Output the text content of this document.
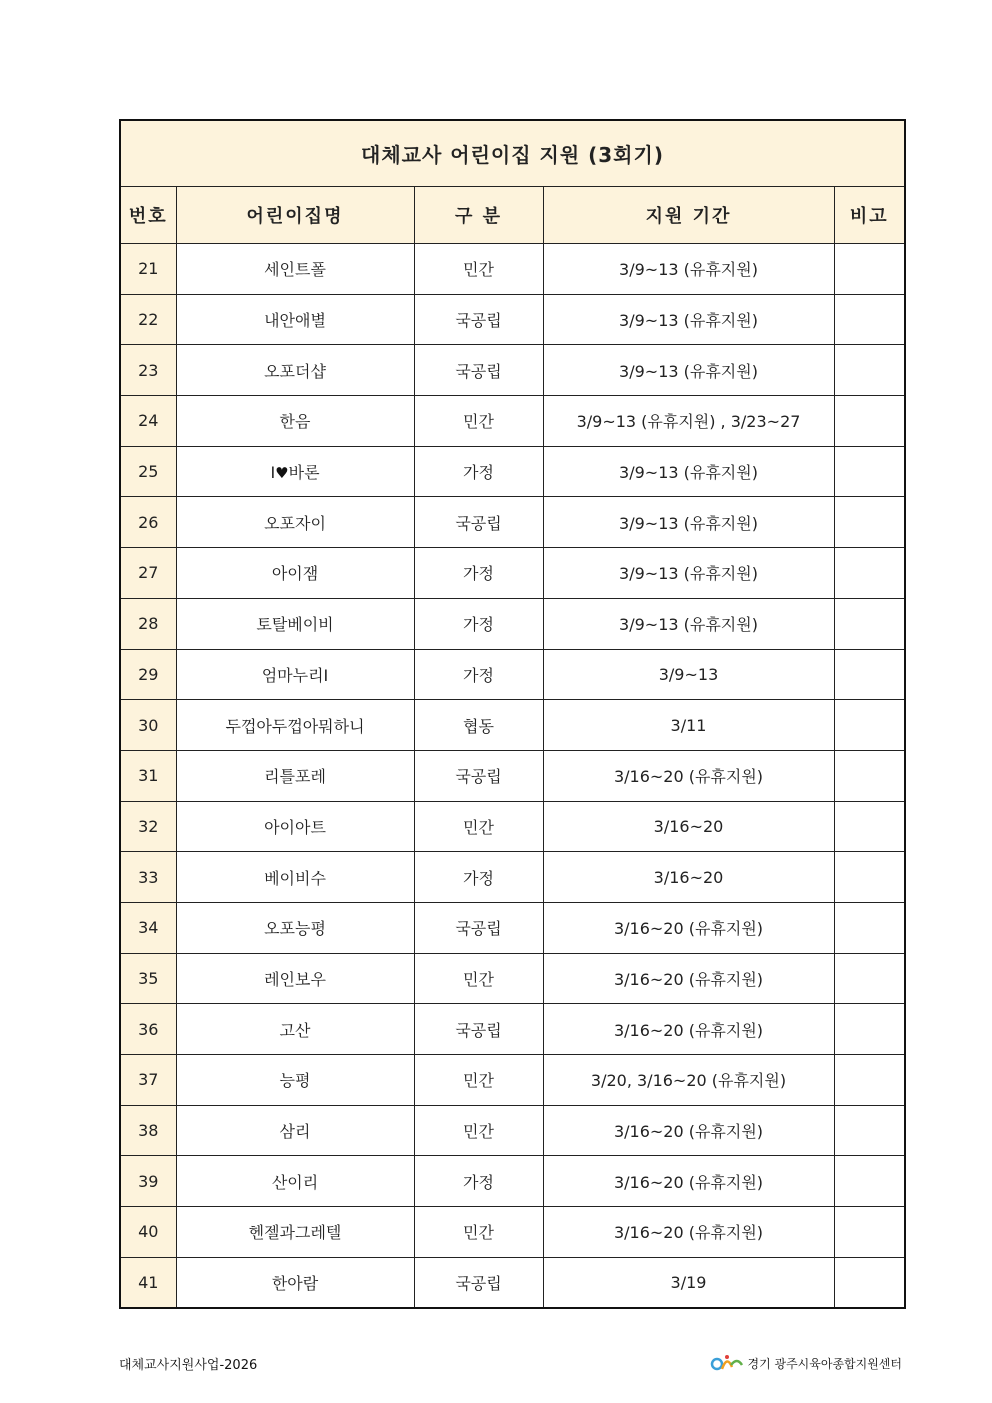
대체교사 어린이집 지원 (3회기)				
번호	어린이집명	구 분	지원 기간	비고
21	세인트폴	민간	3/9~13 (유휴지원)	
22	내안애별	국공립	3/9~13 (유휴지원)	
23	오포더샵	국공립	3/9~13 (유휴지원)	
24	한음	민간	3/9~13 (유휴지원) , 3/23~27	
25	I♥바론	가정	3/9~13 (유휴지원)	
26	오포자이	국공립	3/9~13 (유휴지원)	
27	아이잼	가정	3/9~13 (유휴지원)	
28	토탈베이비	가정	3/9~13 (유휴지원)	
29	엄마누리I	가정	3/9~13	
30	두껍아두껍아뭐하니	협동	3/11	
31	리틀포레	국공립	3/16~20 (유휴지원)	
32	아이아트	민간	3/16~20	
33	베이비수	가정	3/16~20	
34	오포능평	국공립	3/16~20 (유휴지원)	
35	레인보우	민간	3/16~20 (유휴지원)	
36	고산	국공립	3/16~20 (유휴지원)	
37	능평	민간	3/20, 3/16~20 (유휴지원)	
38	삼리	민간	3/16~20 (유휴지원)	
39	산이리	가정	3/16~20 (유휴지원)	
40	헨젤과그레텔	민간	3/16~20 (유휴지원)	
41	한아람	국공립	3/19	
대체교사지원사업-2026	경기 광주시육아종합지원센터
